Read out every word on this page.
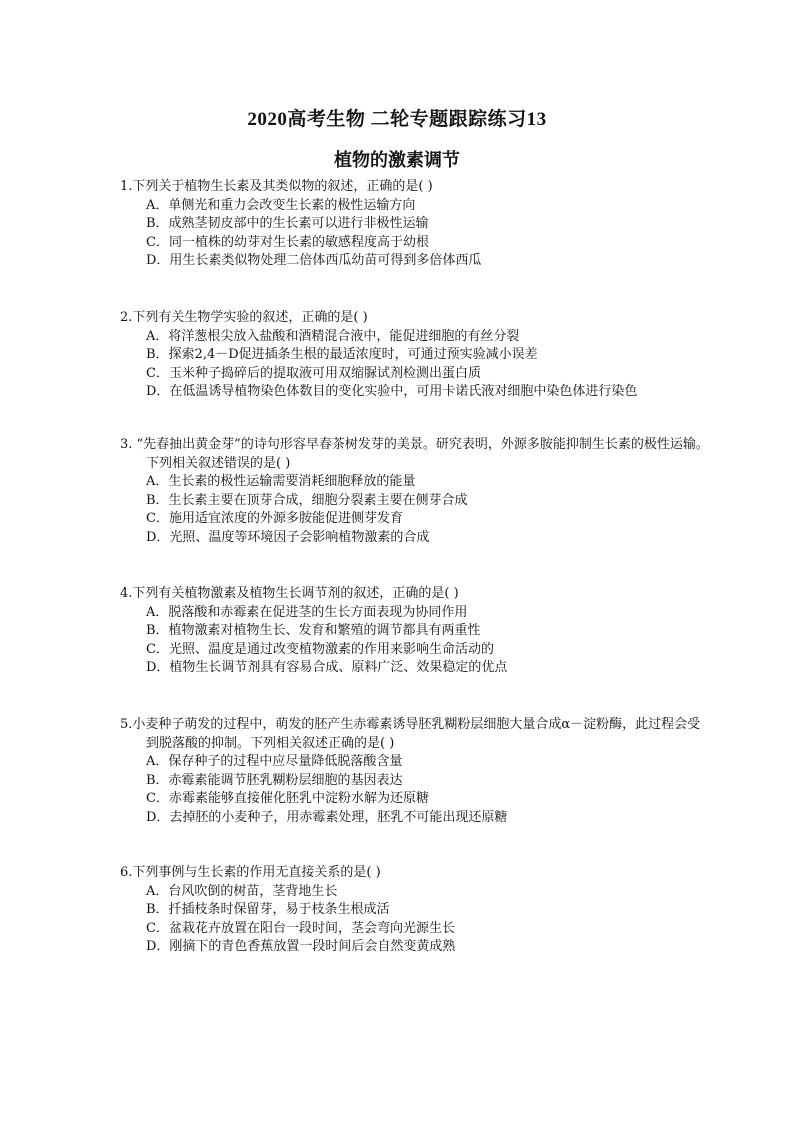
2020高考生物 二轮专题跟踪练习13
植物的激素调节

1.下列关于植物生长素及其类似物的叙述，正确的是( )

A．单侧光和重力会改变生长素的极性运输方向
B．成熟茎韧皮部中的生长素可以进行非极性运输
C．同一植株的幼芽对生长素的敏感程度高于幼根
D．用生长素类似物处理二倍体西瓜幼苗可得到多倍体西瓜

2.下列有关生物学实验的叙述，正确的是( )

A．将洋葱根尖放入盐酸和酒精混合液中，能促进细胞的有丝分裂
B．探索2,4－D促进插条生根的最适浓度时，可通过预实验减小误差
C．玉米种子捣碎后的提取液可用双缩脲试剂检测出蛋白质
D．在低温诱导植物染色体数目的变化实验中，可用卡诺氏液对细胞中染色体进行染色

3. “先春抽出黄金芽”的诗句形容早春茶树发芽的美景。研究表明，外源多胺能抑制生长素的极性运输。下列相关叙述错误的是( )

A．生长素的极性运输需要消耗细胞释放的能量
B．生长素主要在顶芽合成，细胞分裂素主要在侧芽合成
C．施用适宜浓度的外源多胺能促进侧芽发育
D．光照、温度等环境因子会影响植物激素的合成

4.下列有关植物激素及植物生长调节剂的叙述，正确的是( )

A．脱落酸和赤霉素在促进茎的生长方面表现为协同作用
B．植物激素对植物生长、发育和繁殖的调节都具有两重性
C．光照、温度是通过改变植物激素的作用来影响生命活动的
D．植物生长调节剂具有容易合成、原料广泛、效果稳定的优点

5.小麦种子萌发的过程中，萌发的胚产生赤霉素诱导胚乳糊粉层细胞大量合成α－淀粉酶，此过程会受到脱落酸的抑制。下列相关叙述正确的是( )

A．保存种子的过程中应尽量降低脱落酸含量
B．赤霉素能调节胚乳糊粉层细胞的基因表达
C．赤霉素能够直接催化胚乳中淀粉水解为还原糖
D．去掉胚的小麦种子，用赤霉素处理，胚乳不可能出现还原糖

6.下列事例与生长素的作用无直接关系的是( )

A．台风吹倒的树苗，茎背地生长
B．扦插枝条时保留芽，易于枝条生根成活
C．盆栽花卉放置在阳台一段时间，茎会弯向光源生长
D．刚摘下的青色香蕉放置一段时间后会自然变黄成熟
